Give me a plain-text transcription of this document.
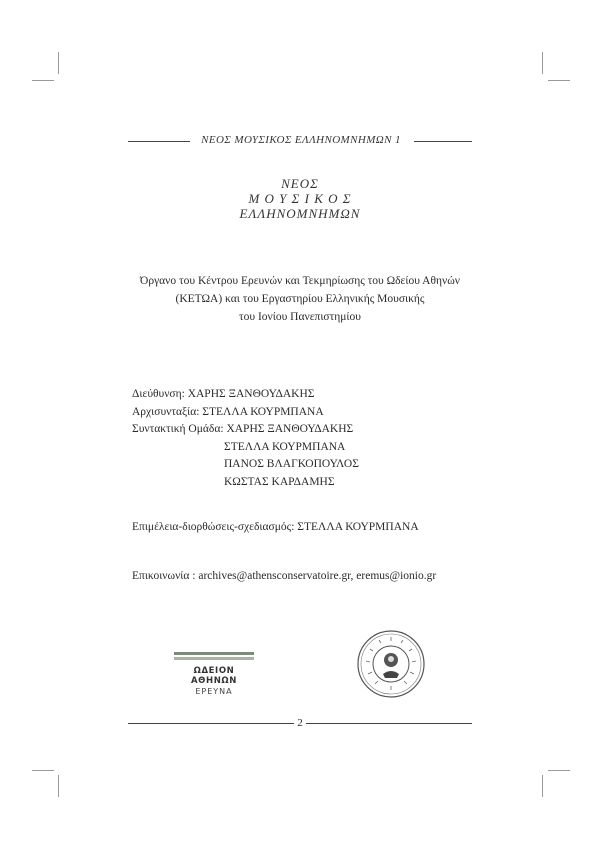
ΝΕΟΣ ΜΟΥΣΙΚΟΣ ΕΛΛΗΝΟΜΝΗΜΩΝ 1
ΝΕΟΣ
Μ Ο Υ Σ Ι Κ Ο Σ
ΕΛΛΗΝΟΜΝΗΜΩΝ
Όργανο του Κέντρου Ερευνών και Τεκμηρίωσης του Ωδείου Αθηνών
(ΚΕΤΩΑ) και του Εργαστηρίου Ελληνικής Μουσικής
του Ιονίου Πανεπιστημίου
Διεύθυνση: ΧΑΡΗΣ ΞΑΝΘΟΥΔΑΚΗΣ
Αρχισυνταξία: ΣΤΕΛΛΑ ΚΟΥΡΜΠΑΝΑ
Συντακτική Ομάδα: ΧΑΡΗΣ ΞΑΝΘΟΥΔΑΚΗΣ
ΣΤΕΛΛΑ ΚΟΥΡΜΠΑΝΑ
ΠΑΝΟΣ ΒΛΑΓΚΟΠΟΥΛΟΣ
ΚΩΣΤΑΣ ΚΑΡΔΑΜΗΣ
Επιμέλεια-διορθώσεις-σχεδιασμός: ΣΤΕΛΛΑ ΚΟΥΡΜΠΑΝΑ
Επικοινωνία : archives@athensconservatoire.gr, eremus@ionio.gr
ΩΔΕΙΟΝ ΑΘΗΝΩΝ
ΕΡΕΥΝΑ
2
